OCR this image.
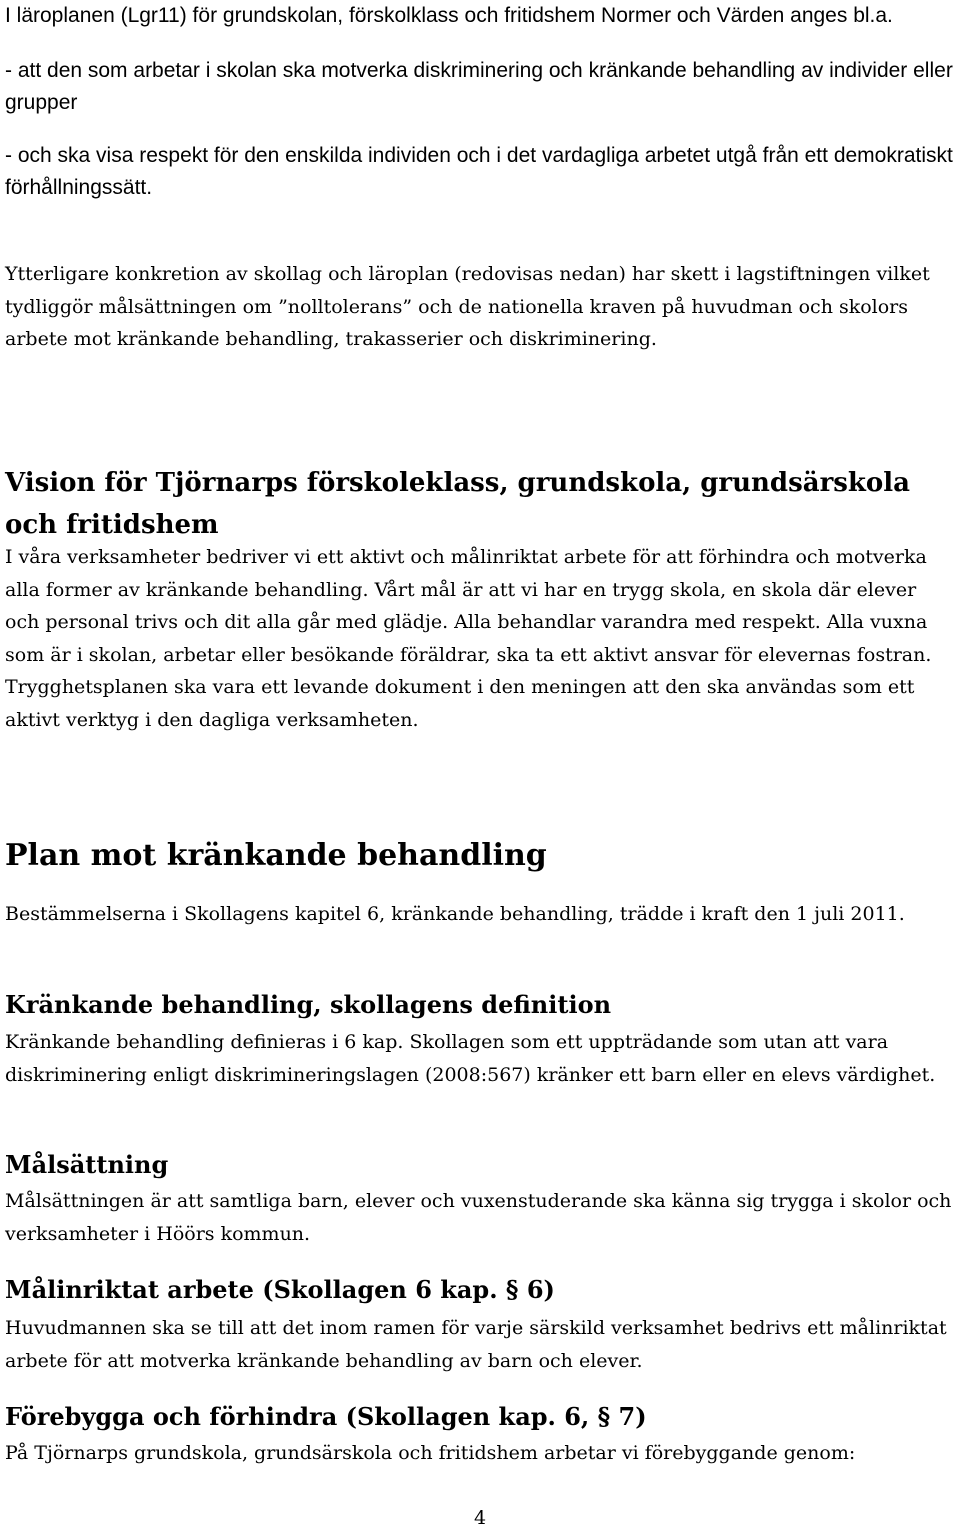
I läroplanen (Lgr11) för grundskolan, förskolklass och fritidshem Normer och Värden anges bl.a.

- att den som arbetar i skolan ska motverka diskriminering och kränkande behandling av individer eller grupper

- och ska visa respekt för den enskilda individen och i det vardagliga arbetet utgå från ett demokratiskt förhållningssätt.

Ytterligare konkretion av skollag och läroplan (redovisas nedan) har skett i lagstiftningen vilket tydliggör målsättningen om ”nolltolerans” och de nationella kraven på huvudman och skolors arbete mot kränkande behandling, trakasserier och diskriminering.

Vision för Tjörnarps förskoleklass, grundskola, grundsärskola och fritidshem

I våra verksamheter bedriver vi ett aktivt och målinriktat arbete för att förhindra och motverka alla former av kränkande behandling. Vårt mål är att vi har en trygg skola, en skola där elever och personal trivs och dit alla går med glädje. Alla behandlar varandra med respekt. Alla vuxna som är i skolan, arbetar eller besökande föräldrar, ska ta ett aktivt ansvar för elevernas fostran. Trygghetsplanen ska vara ett levande dokument i den meningen att den ska användas som ett aktivt verktyg i den dagliga verksamheten.

Plan mot kränkande behandling

Bestämmelserna i Skollagens kapitel 6, kränkande behandling, trädde i kraft den 1 juli 2011.

Kränkande behandling, skollagens definition

Kränkande behandling definieras i 6 kap. Skollagen som ett uppträdande som utan att vara diskriminering enligt diskrimineringslagen (2008:567) kränker ett barn eller en elevs värdighet.

Målsättning

Målsättningen är att samtliga barn, elever och vuxenstuderande ska känna sig trygga i skolor och verksamheter i Höörs kommun.

Målinriktat arbete (Skollagen 6 kap. § 6)

Huvudmannen ska se till att det inom ramen för varje särskild verksamhet bedrivs ett målinriktat arbete för att motverka kränkande behandling av barn och elever.

Förebygga och förhindra (Skollagen kap. 6, § 7)

På Tjörnarps grundskola, grundsärskola och fritidshem arbetar vi förebyggande genom:

4
